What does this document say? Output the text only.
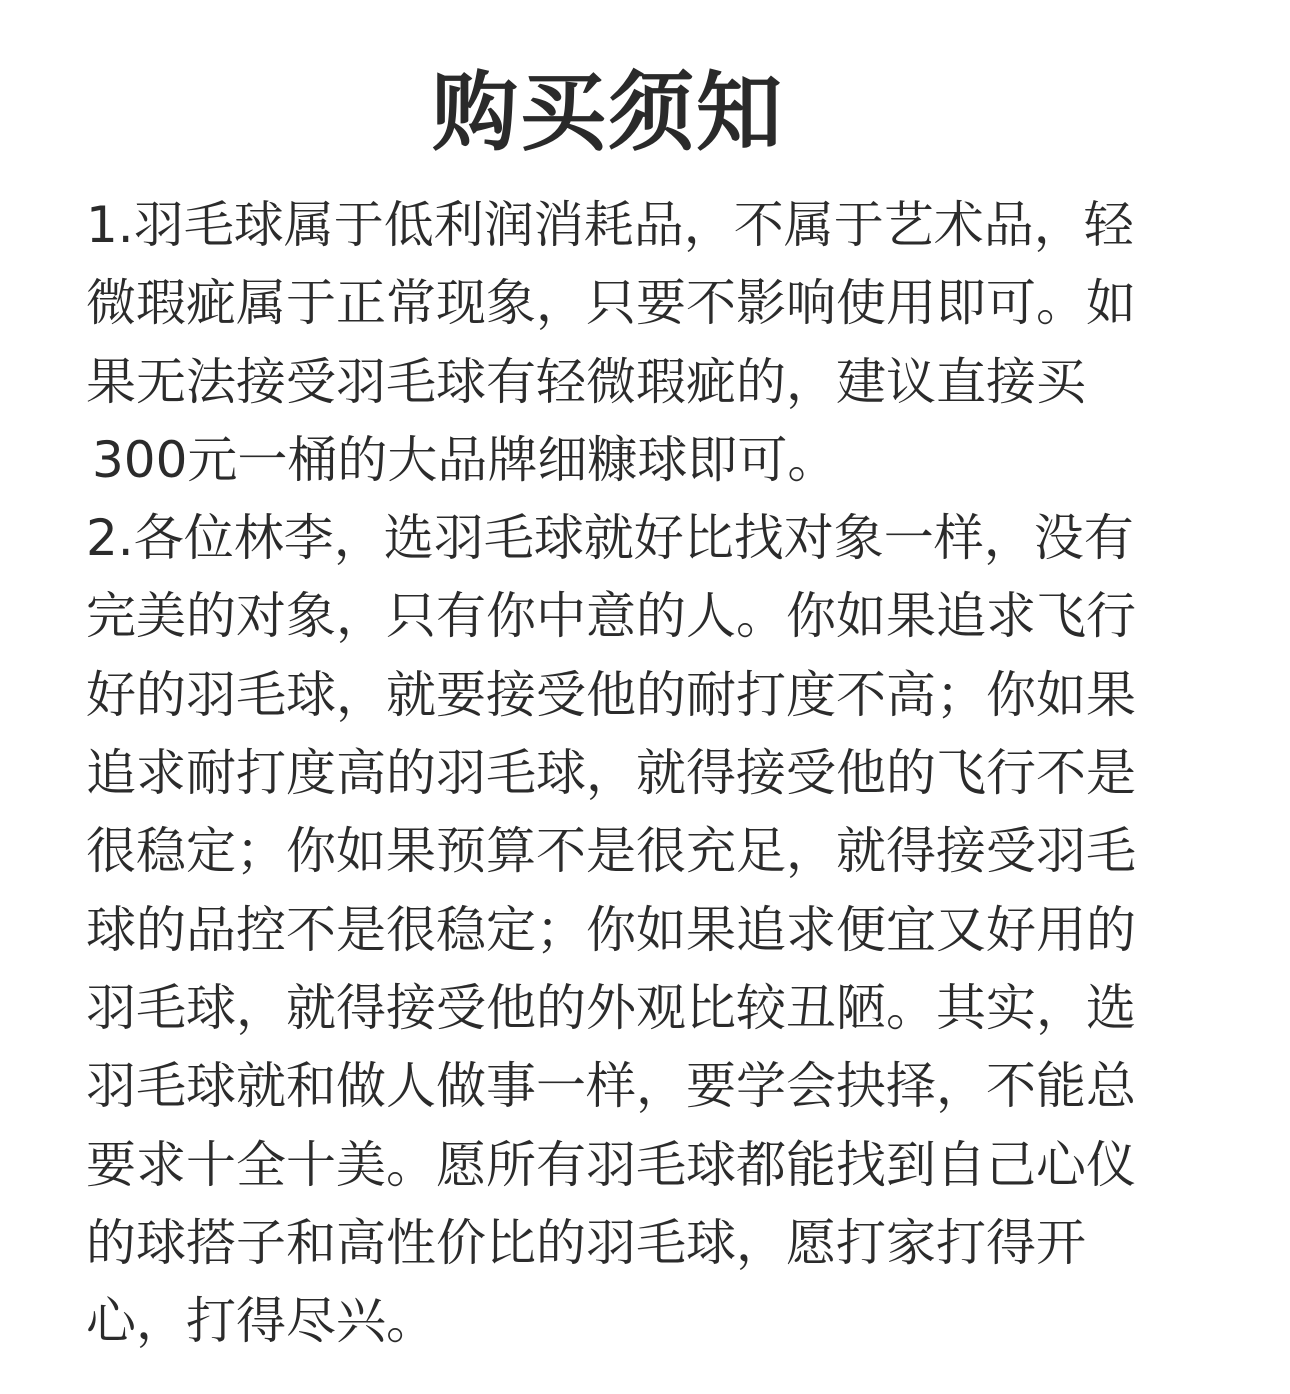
购买须知
1.羽毛球属于低利润消耗品，不属于艺术品，轻
微瑕疵属于正常现象，只要不影响使用即可。如
果无法接受羽毛球有轻微瑕疵的，建议直接买
300元一桶的大品牌细糠球即可。
2.各位林李，选羽毛球就好比找对象一样，没有
完美的对象，只有你中意的人。你如果追求飞行
好的羽毛球，就要接受他的耐打度不高；你如果
追求耐打度高的羽毛球，就得接受他的飞行不是
很稳定；你如果预算不是很充足，就得接受羽毛
球的品控不是很稳定；你如果追求便宜又好用的
羽毛球，就得接受他的外观比较丑陋。其实，选
羽毛球就和做人做事一样，要学会抉择，不能总
要求十全十美。愿所有羽毛球都能找到自己心仪
的球搭子和高性价比的羽毛球，愿打家打得开
心，打得尽兴。
